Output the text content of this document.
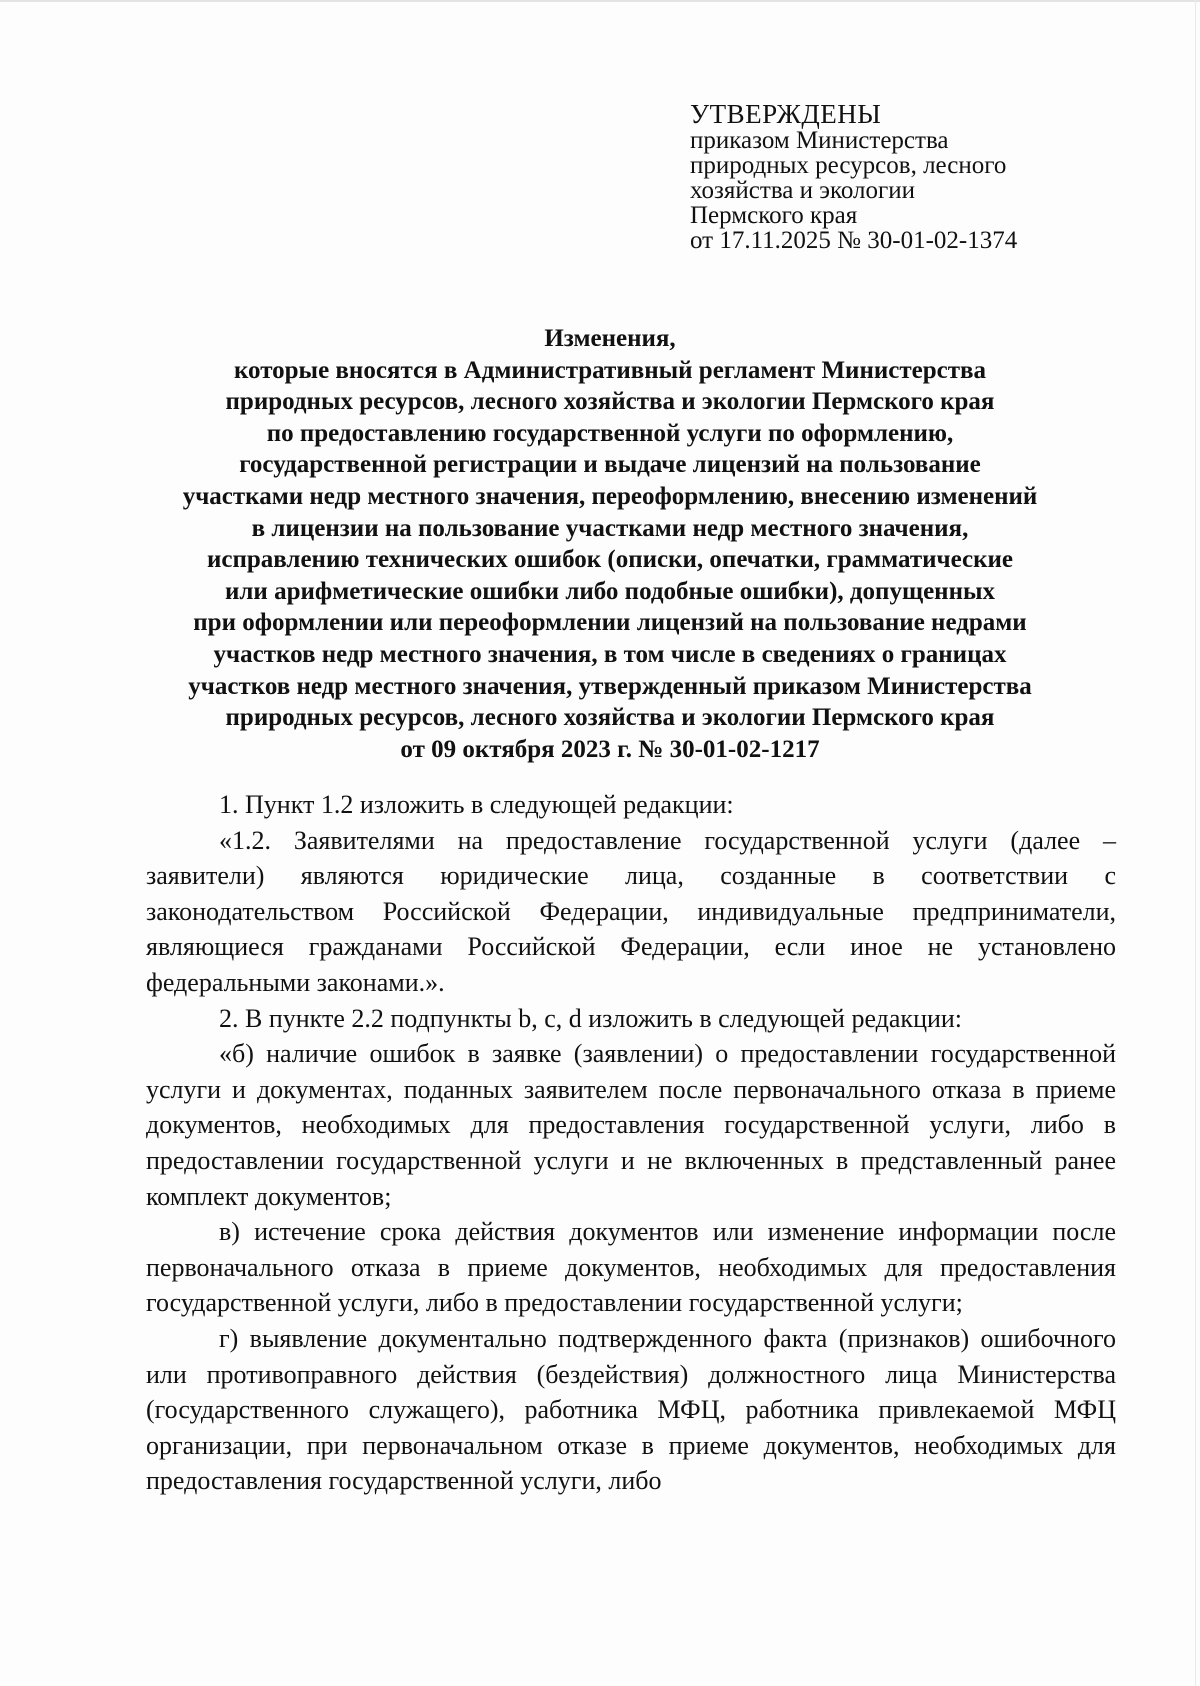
УТВЕРЖДЕНЫ
приказом Министерства
природных ресурсов, лесного
хозяйства и экологии
Пермского края
от 17.11.2025 № 30-01-02-1374
Изменения,
которые вносятся в Административный регламент Министерства
природных ресурсов, лесного хозяйства и экологии Пермского края
по предоставлению государственной услуги по оформлению,
государственной регистрации и выдаче лицензий на пользование
участками недр местного значения, переоформлению, внесению изменений
в лицензии на пользование участками недр местного значения,
исправлению технических ошибок (описки, опечатки, грамматические
или арифметические ошибки либо подобные ошибки), допущенных
при оформлении или переоформлении лицензий на пользование недрами
участков недр местного значения, в том числе в сведениях о границах
участков недр местного значения, утвержденный приказом Министерства
природных ресурсов, лесного хозяйства и экологии Пермского края
от 09 октября 2023 г. № 30-01-02-1217

1. Пункт 1.2 изложить в следующей редакции:

«1.2. Заявителями на предоставление государственной услуги (далее – заявители) являются юридические лица, созданные в соответствии с законодательством Российской Федерации, индивидуальные предприниматели, являющиеся гражданами Российской Федерации, если иное не установлено федеральными законами.».

2. В пункте 2.2 подпункты b, c, d изложить в следующей редакции:

«б) наличие ошибок в заявке (заявлении) о предоставлении государственной услуги и документах, поданных заявителем после первоначального отказа в приеме документов, необходимых для предоставления государственной услуги, либо в предоставлении государственной услуги и не включенных в представленный ранее комплект документов;

в) истечение срока действия документов или изменение информации после первоначального отказа в приеме документов, необходимых для предоставления государственной услуги, либо в предоставлении государственной услуги;

г) выявление документально подтвержденного факта (признаков) ошибочного или противоправного действия (бездействия) должностного лица Министерства (государственного служащего), работника МФЦ, работника привлекаемой МФЦ организации, при первоначальном отказе в приеме документов, необходимых для предоставления государственной услуги, либо
